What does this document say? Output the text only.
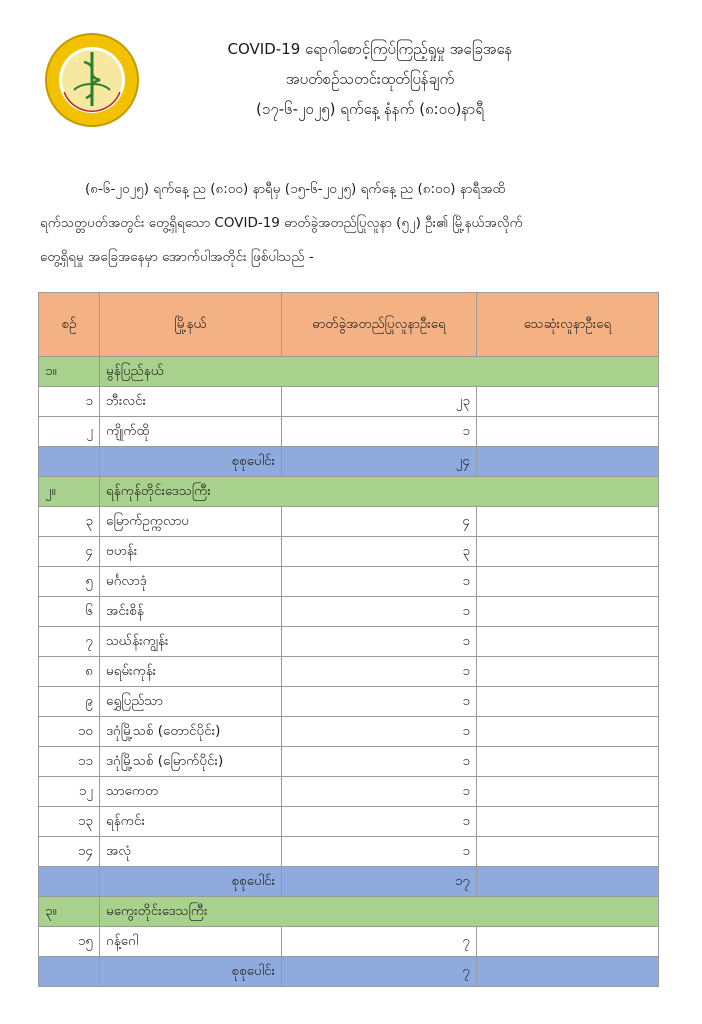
COVID-19 ရောဂါစောင့်ကြပ်ကြည့်ရှုမှု အခြေအနေ
အပတ်စဉ်သတင်းထုတ်ပြန်ချက်
(၁၇-၆-၂၀၂၅) ရက်နေ့ နံနက် (၈:၀၀)နာရီ
(၈-၆-၂၀၂၅) ရက်နေ့ ည (၈:၀၀) နာရီမှ (၁၅-၆-၂၀၂၅) ရက်နေ့ ည (၈:၀၀) နာရီအထိ
ရက်သတ္တပတ်အတွင်း တွေ့ရှိရသော COVID-19 ဓာတ်ခွဲအတည်ပြုလူနာ (၅၂) ဦး၏ မြို့နယ်အလိုက်
တွေ့ရှိရမှု အခြေအနေမှာ အောက်ပါအတိုင်း ဖြစ်ပါသည် -
စဉ်	မြို့နယ်	ဓာတ်ခွဲအတည်ပြုလူနာဦးရေ	သေဆုံးလူနာဦးရေ
၁။	မွန်ပြည်နယ်		
၁	ဘီးလင်း	၂၃	
၂	ကျိုက်ထို	၁	
	စုစုပေါင်း	၂၄	
၂။	ရန်ကုန်တိုင်းဒေသကြီး		
၃	မြောက်ဥက္ကလာပ	၄	
၄	ဗဟန်း	၃	
၅	မင်္ဂလာဒုံ	၁	
၆	အင်းစိန်	၁	
၇	သဃ်န်းကျွန်း	၁	
၈	မရမ်းကုန်း	၁	
၉	ရွှေပြည်သာ	၁	
၁၀	ဒဂုံမြို့သစ် (တောင်ပိုင်း)	၁	
၁၁	ဒဂုံမြို့သစ် (မြောက်ပိုင်း)	၁	
၁၂	သာကေတ	၁	
၁၃	ရန်ကင်း	၁	
၁၄	အလုံ	၁	
	စုစုပေါင်း	၁၇	
၃။	မကွေးတိုင်းဒေသကြီး		
၁၅	ဂန့်ဂေါ	၇	
	စုစုပေါင်း	၇	
